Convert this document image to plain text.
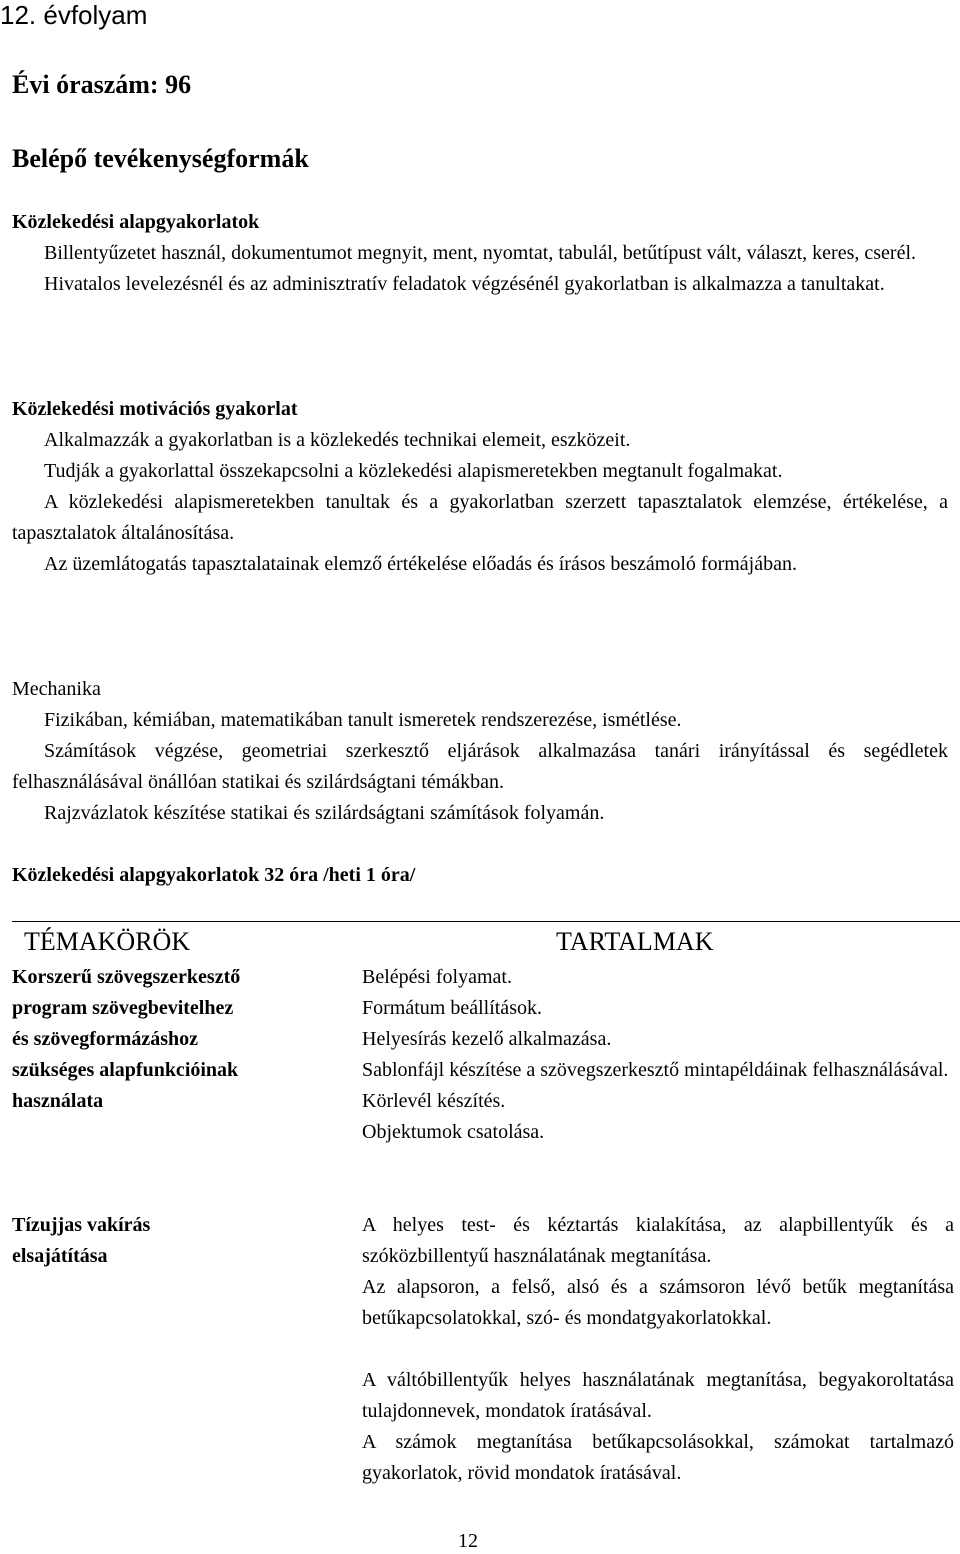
12. évfolyam
Évi óraszám: 96
Belépő tevékenységformák

Közlekedési alapgyakorlatok

Billentyűzetet használ, dokumentumot megnyit, ment, nyomtat, tabulál, betűtípust vált, választ, keres, cserél.

Hivatalos levelezésnél és az adminisztratív feladatok végzésénél gyakorlatban is alkalmazza a tanultakat.

Közlekedési motivációs gyakorlat

Alkalmazzák a gyakorlatban is a közlekedés technikai elemeit, eszközeit.

Tudják a gyakorlattal összekapcsolni a közlekedési alapismeretekben megtanult fogalmakat.

A közlekedési alapismeretekben tanultak és a gyakorlatban szerzett tapasztalatok elemzése, értékelése, a tapasztalatok általánosítása.

Az üzemlátogatás tapasztalatainak elemző értékelése előadás és írásos beszámoló formájában.

Mechanika

Fizikában, kémiában, matematikában tanult ismeretek rendszerezése, ismétlése.

Számítások végzése, geometriai szerkesztő eljárások alkalmazása tanári irányítással és segédletek felhasználásával önállóan statikai és szilárdságtani témákban.

Rajzvázlatok készítése statikai és szilárdságtani számítások folyamán.

Közlekedési alapgyakorlatok 32 óra /heti 1 óra/
TÉMAKÖRÖK	TARTALMAK
Korszerű szövegszerkesztő program szövegbevitelhez és szövegformázáshoz szükséges alapfunkcióinak használata

Belépési folyamat.

Formátum beállítások.

Helyesírás kezelő alkalmazása.

Sablonfájl készítése a szövegszerkesztő mintapéldáinak felhasználásával.

Körlevél készítés.

Objektumok csatolása.

Tízujjas vakírás elsajátítása

A helyes test- és kéztartás kialakítása, az alapbillentyűk és a szóközbillentyű használatának megtanítása.

Az alapsoron, a felső, alsó és a számsoron lévő betűk megtanítása betűkapcsolatokkal, szó- és mondatgyakorlatokkal.

A váltóbillentyűk helyes használatának megtanítása, begyakoroltatása tulajdonnevek, mondatok íratásával.

A számok megtanítása betűkapcsolásokkal, számokat tartalmazó gyakorlatok, rövid mondatok íratásával.

12
